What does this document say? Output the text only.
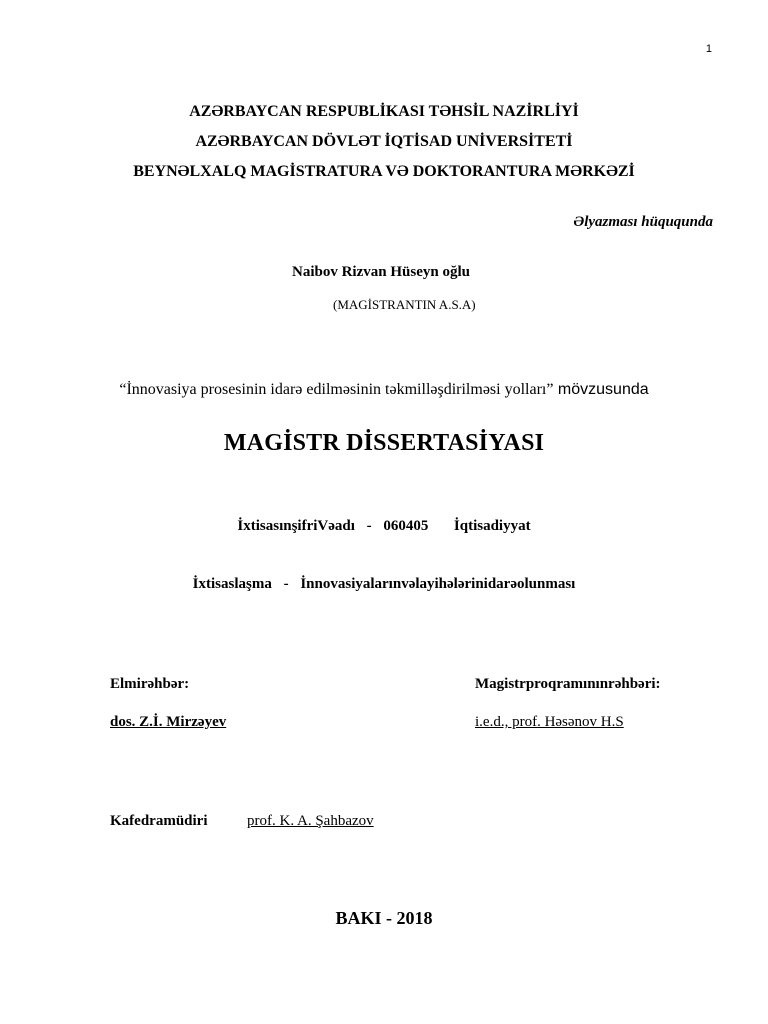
1
AZƏRBAYCAN RESPUBLİKASI TƏHSİL NAZİRLİYİ
AZƏRBAYCAN DÖVLƏT İQTİSAD UNİVERSİTETİ
BEYNƏLXALQ MAGİSTRATURA VƏ DOKTORANTURA MƏRKƏZİ
Əlyazması hüququnda
Naibov Rizvan Hüseyn oğlu
(MAGİSTRANTIN A.S.A)
“İnnovasiya prosesinin idarə edilməsinin təkmilləşdirilməsi yolları” mövzusunda
MAGİSTR DİSSERTASİYASI
İxtisasınşifriVəadı - 060405 İqtisadiyyat
İxtisaslaşma - İnnovasiyalarınvəlayihələrinidarəolunması
Elmirəhbər:
dos. Z.İ. Mirzəyev
Magistrproqramınınrəhbəri:
i.e.d., prof. Həsənov H.S
Kafedramüdiri	prof. K. A. Şahbazov
BAKI - 2018
